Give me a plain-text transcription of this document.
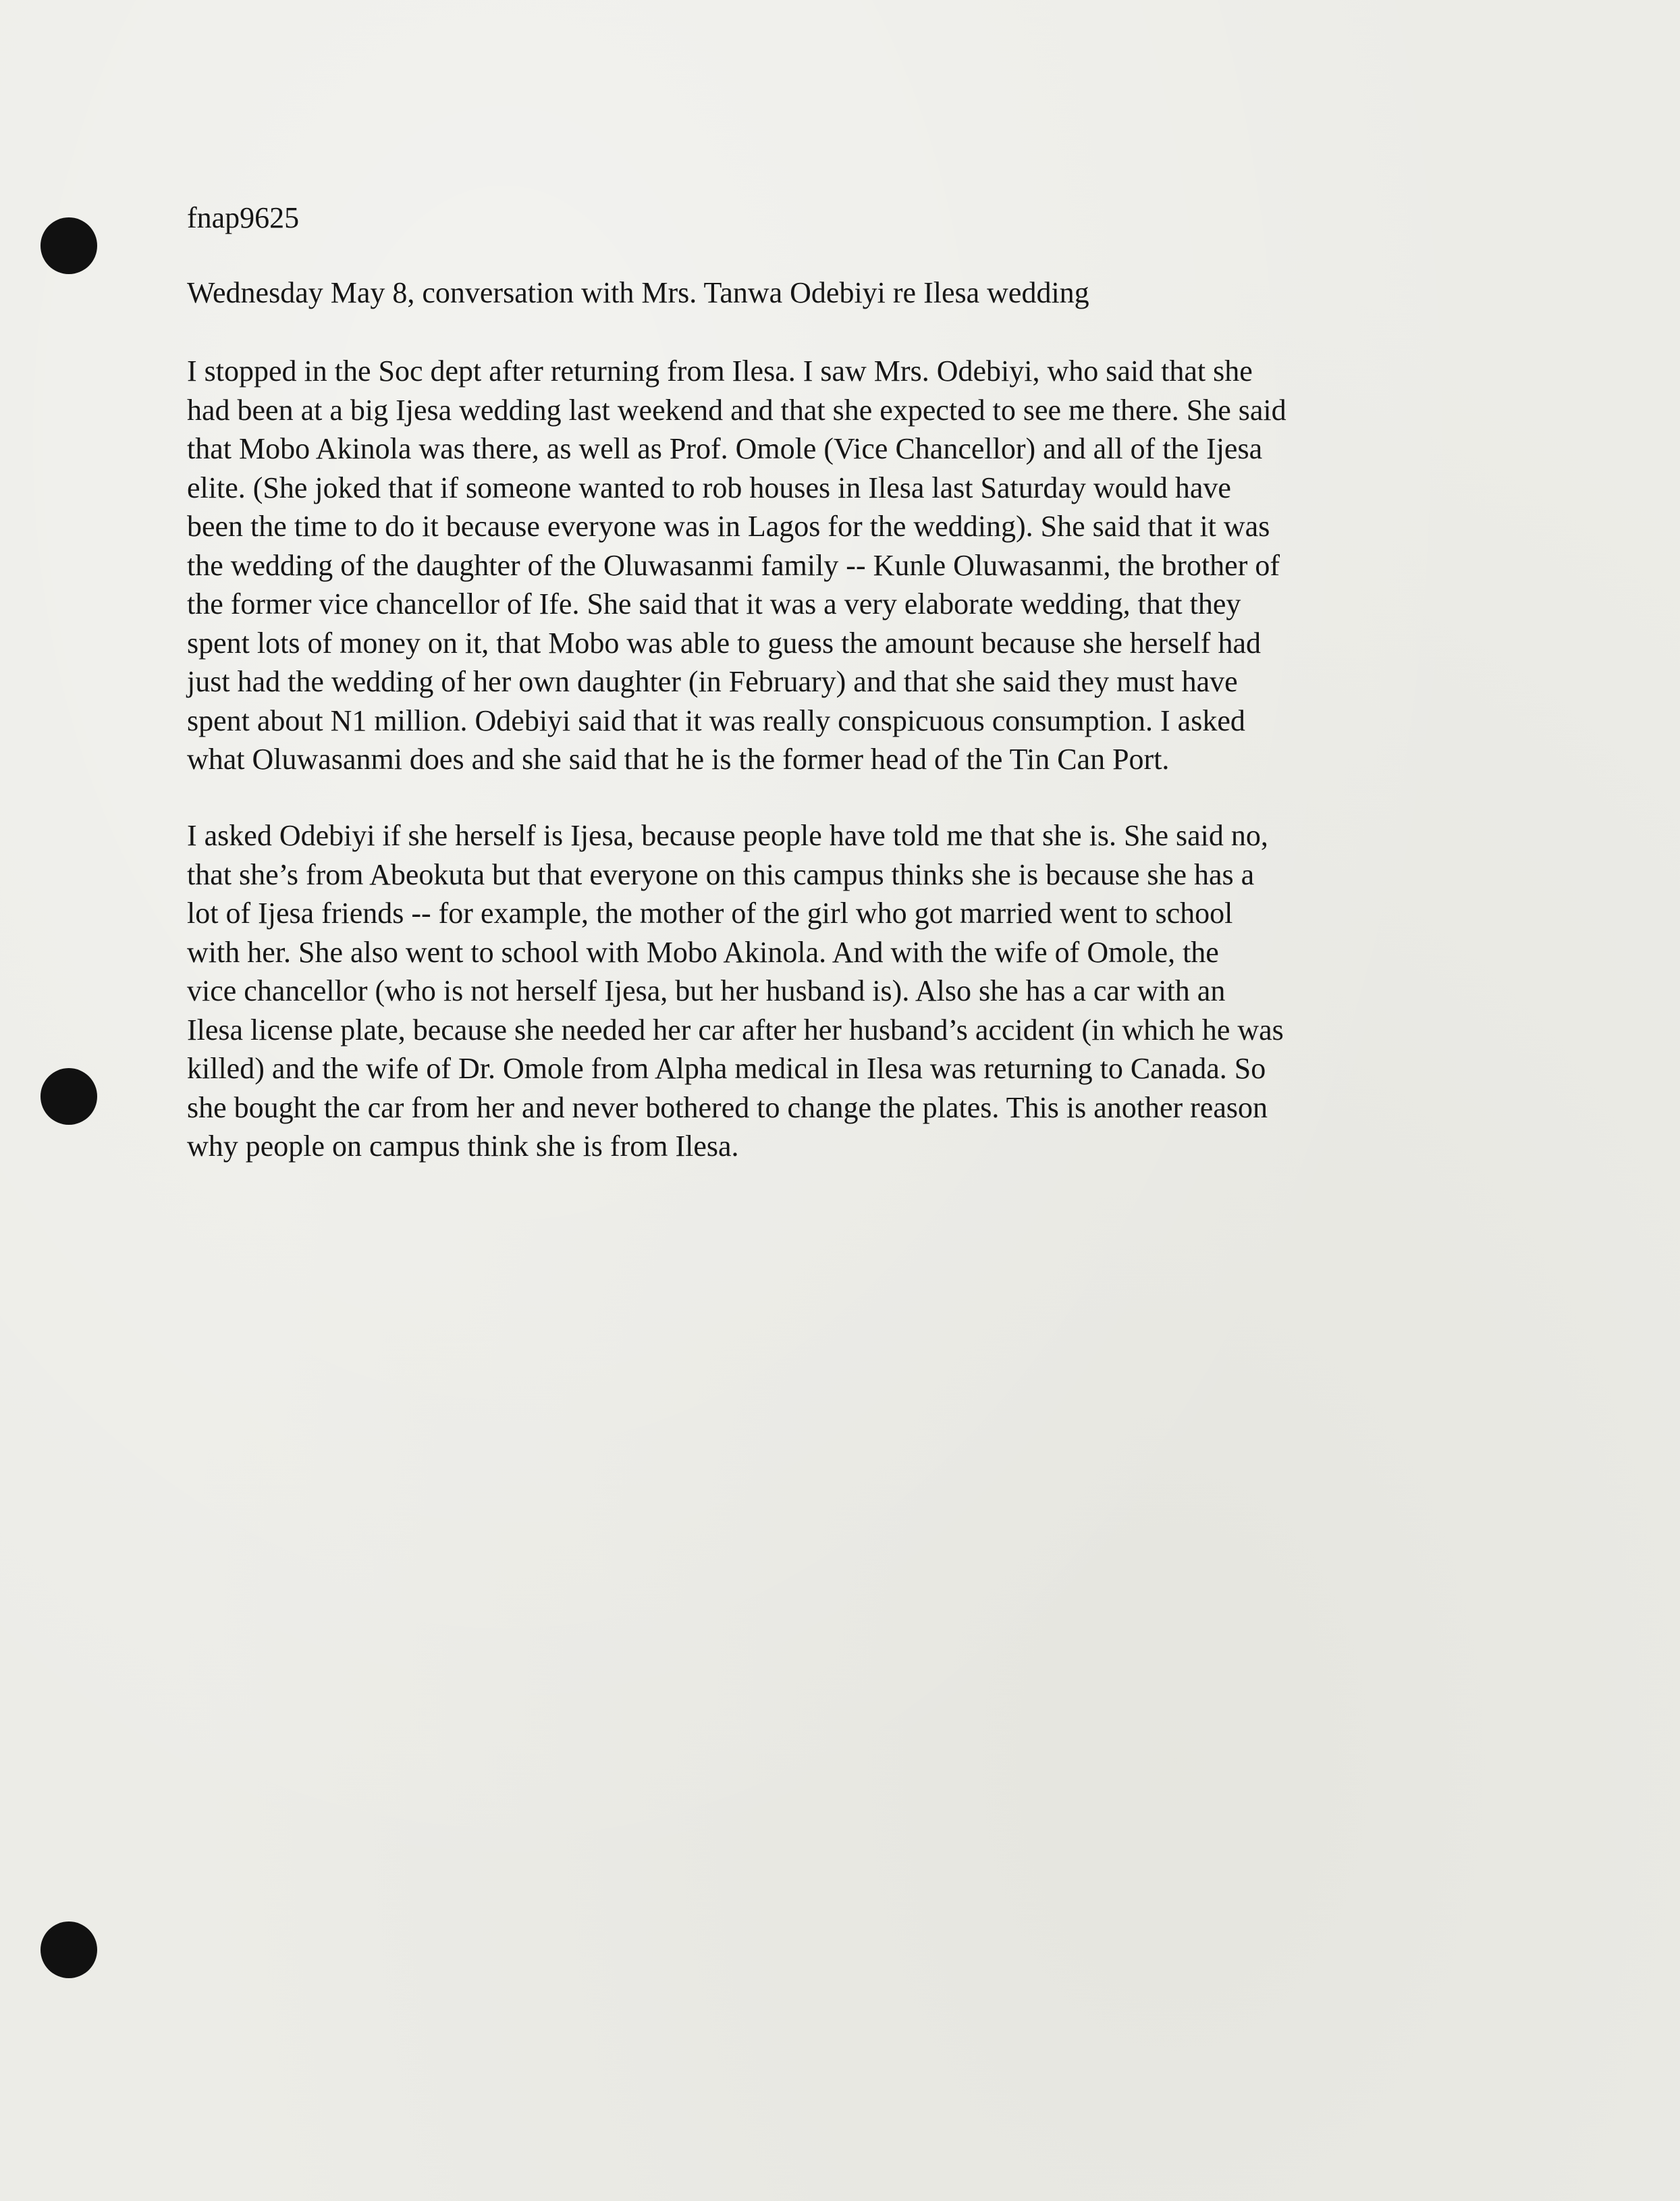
fnap9625
Wednesday May 8, conversation with Mrs. Tanwa Odebiyi re Ilesa wedding
I stopped in the Soc dept after returning from Ilesa. I saw Mrs. Odebiyi, who said that she
had been at a big Ijesa wedding last weekend and that she expected to see me there. She said
that Mobo Akinola was there, as well as Prof. Omole (Vice Chancellor) and all of the Ijesa
elite. (She joked that if someone wanted to rob houses in Ilesa last Saturday would have
been the time to do it because everyone was in Lagos for the wedding). She said that it was
the wedding of the daughter of the Oluwasanmi family -- Kunle Oluwasanmi, the brother of
the former vice chancellor of Ife. She said that it was a very elaborate wedding, that they
spent lots of money on it, that Mobo was able to guess the amount because she herself had
just had the wedding of her own daughter (in February) and that she said they must have
spent about N1 million. Odebiyi said that it was really conspicuous consumption. I asked
what Oluwasanmi does and she said that he is the former head of the Tin Can Port.
I asked Odebiyi if she herself is Ijesa, because people have told me that she is. She said no,
that she’s from Abeokuta but that everyone on this campus thinks she is because she has a
lot of Ijesa friends -- for example, the mother of the girl who got married went to school
with her. She also went to school with Mobo Akinola. And with the wife of Omole, the
vice chancellor (who is not herself Ijesa, but her husband is). Also she has a car with an
Ilesa license plate, because she needed her car after her husband’s accident (in which he was
killed) and the wife of Dr. Omole from Alpha medical in Ilesa was returning to Canada. So
she bought the car from her and never bothered to change the plates. This is another reason
why people on campus think she is from Ilesa.
